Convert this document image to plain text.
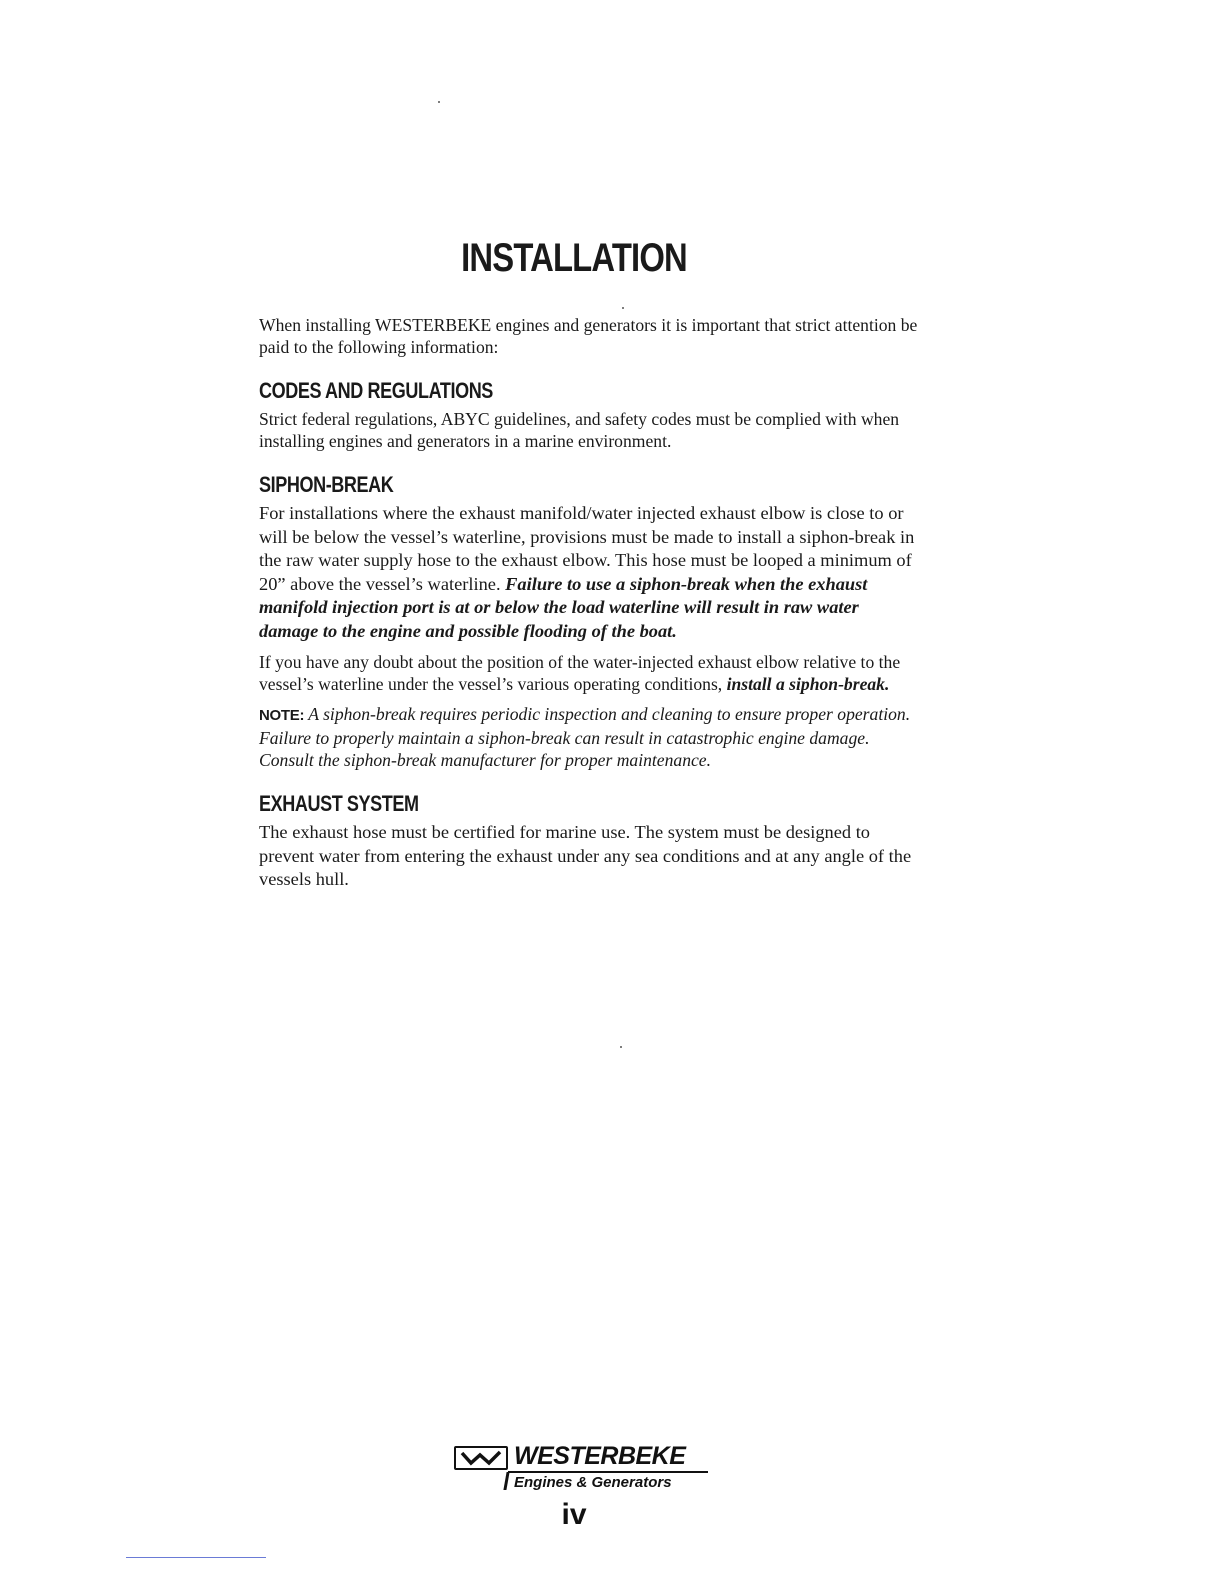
INSTALLATION

When installing WESTERBEKE engines and generators it is important that strict attention be paid to the following information:

CODES AND REGULATIONS

Strict federal regulations, ABYC guidelines, and safety codes must be complied with when installing engines and generators in a marine environment.

SIPHON-BREAK

For installations where the exhaust manifold/water injected exhaust elbow is close to or will be below the vessel’s waterline, provisions must be made to install a siphon-break in the raw water supply hose to the exhaust elbow. This hose must be looped a minimum of 20” above the vessel’s waterline. Failure to use a siphon-break when the exhaust manifold injection port is at or below the load waterline will result in raw water damage to the engine and possible flooding of the boat.

If you have any doubt about the position of the water-injected exhaust elbow relative to the vessel’s waterline under the vessel’s various operating conditions, install a siphon-break.

NOTE: A siphon-break requires periodic inspection and cleaning to ensure proper operation. Failure to properly maintain a siphon-break can result in catastrophic engine damage. Consult the siphon-break manufacturer for proper maintenance.

EXHAUST SYSTEM

The exhaust hose must be certified for marine use. The system must be designed to prevent water from entering the exhaust under any sea conditions and at any angle of the vessels hull.

WESTERBEKE
Engines & Generators
iv
